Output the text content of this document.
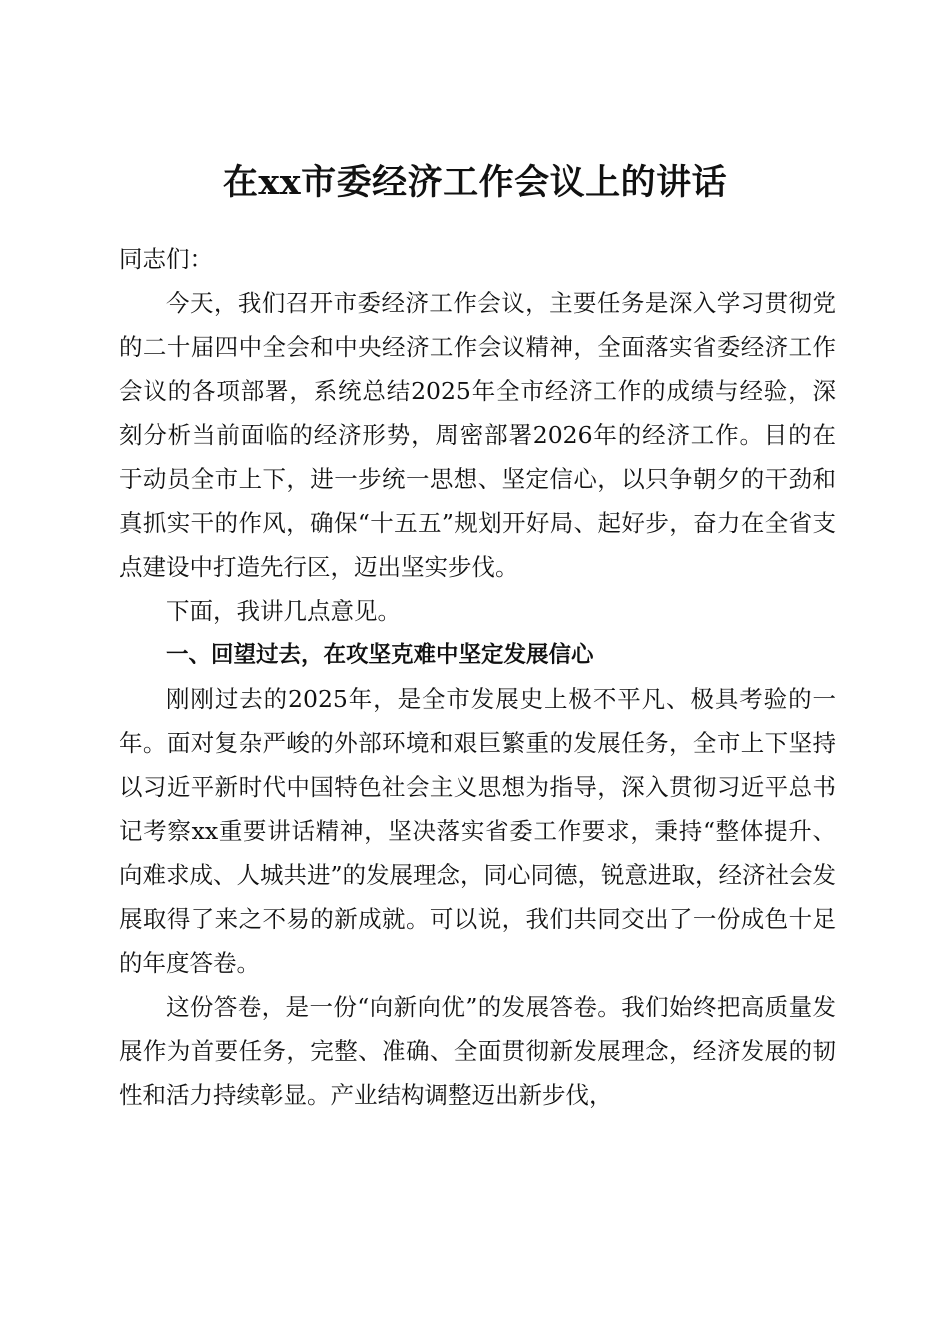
在xx市委经济工作会议上的讲话

同志们：

今天，我们召开市委经济工作会议，主要任务是深入学习贯彻党的二十届四中全会和中央经济工作会议精神，全面落实省委经济工作会议的各项部署，系统总结2025年全市经济工作的成绩与经验，深刻分析当前面临的经济形势，周密部署2026年的经济工作。目的在于动员全市上下，进一步统一思想、坚定信心，以只争朝夕的干劲和真抓实干的作风，确保“十五五”规划开好局、起好步，奋力在全省支点建设中打造先行区，迈出坚实步伐。

下面，我讲几点意见。

一、回望过去，在攻坚克难中坚定发展信心

刚刚过去的2025年，是全市发展史上极不平凡、极具考验的一年。面对复杂严峻的外部环境和艰巨繁重的发展任务，全市上下坚持以习近平新时代中国特色社会主义思想为指导，深入贯彻习近平总书记考察xx重要讲话精神，坚决落实省委工作要求，秉持“整体提升、向难求成、人城共进”的发展理念，同心同德，锐意进取，经济社会发展取得了来之不易的新成就。可以说，我们共同交出了一份成色十足的年度答卷。

这份答卷，是一份“向新向优”的发展答卷。我们始终把高质量发展作为首要任务，完整、准确、全面贯彻新发展理念，经济发展的韧性和活力持续彰显。产业结构调整迈出新步伐，
